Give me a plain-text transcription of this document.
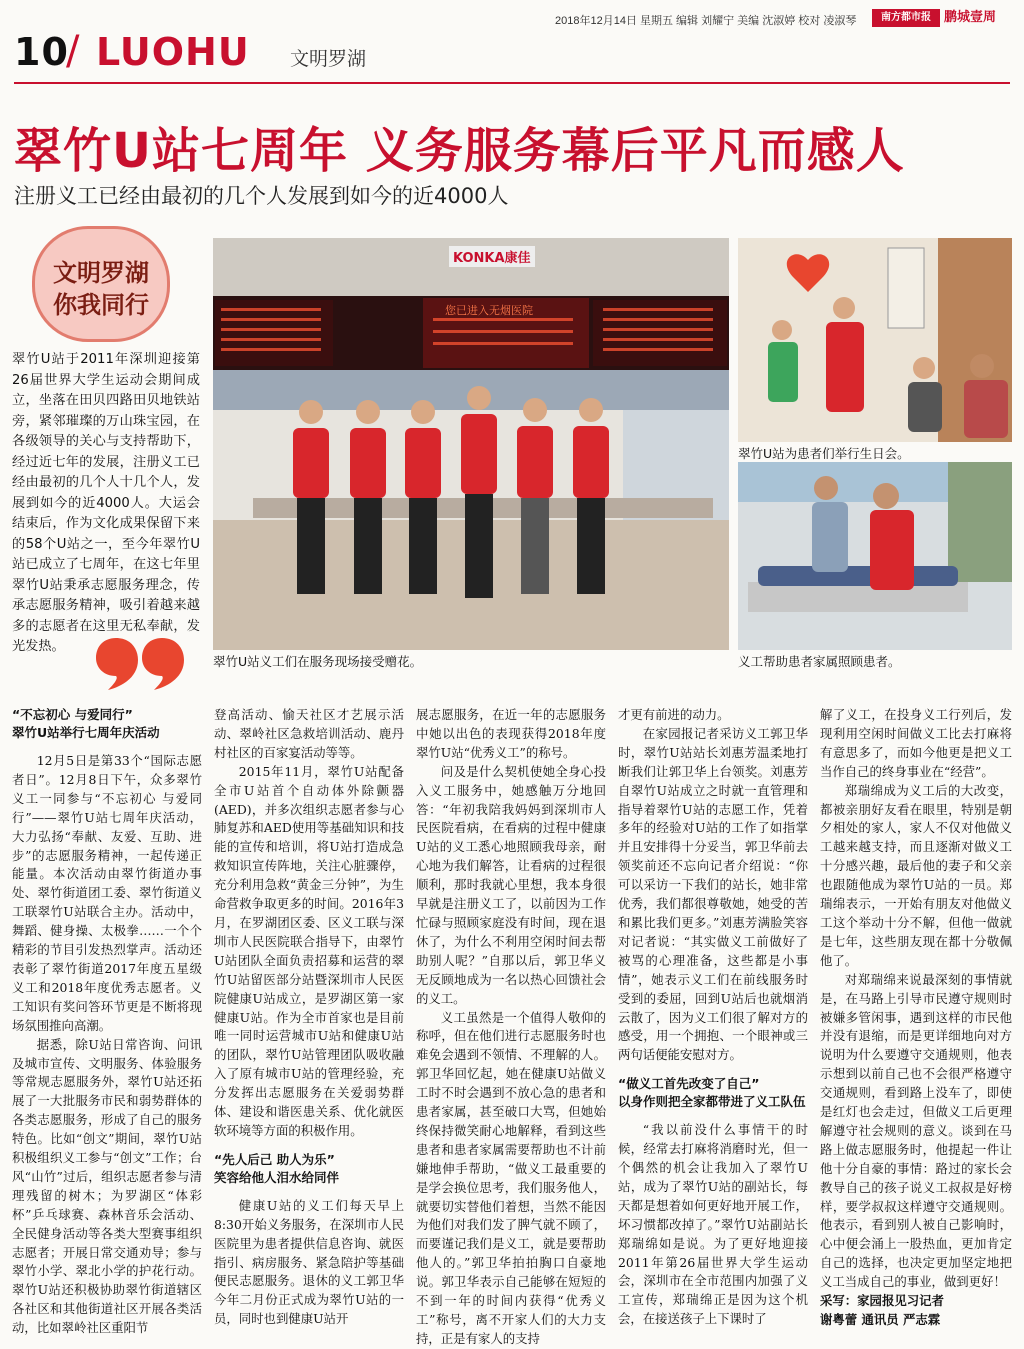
2018年12月14日 星期五 编辑 刘耀宁 美编 沈淑婷 校对 凌淑琴	南方都市报	鹏城壹周
10
/ LUOHU 文明罗湖
翠竹U站七周年 义务服务幕后平凡而感人
注册义工已经由最初的几个人发展到如今的近4000人
文明罗湖
你我同行
翠竹U站于2011年深圳迎接第26届世界大学生运动会期间成立，坐落在田贝四路田贝地铁站旁，紧邻璀璨的万山珠宝园，在各级领导的关心与支持帮助下，经过近七年的发展，注册义工已经由最初的几个人十几个人，发展到如今的近4000人。大运会结束后，作为文化成果保留下来的58个U站之一，至今年翠竹U站已成立了七周年，在这七年里翠竹U站秉承志愿服务理念，传承志愿服务精神，吸引着越来越多的志愿者在这里无私奉献，发光发热。
KONKA康佳
您已进入无烟医院
翠竹U站义工们在服务现场接受赠花。
翠竹U站为患者们举行生日会。
义工帮助患者家属照顾患者。
“不忘初心 与爱同行”
翠竹U站举行七周年庆活动

12月5日是第33个“国际志愿者日”。12月8日下午，众多翠竹义工一同参与“不忘初心 与爱同行”——翠竹U站七周年庆活动，大力弘扬“奉献、友爱、互助、进步”的志愿服务精神，一起传递正能量。本次活动由翠竹街道办事处、翠竹街道团工委、翠竹街道义工联翠竹U站联合主办。活动中，舞蹈、健身操、太极拳……一个个精彩的节目引发热烈掌声。活动还表彰了翠竹街道2017年度五星级义工和2018年度优秀志愿者。义工知识有奖问答环节更是不断将现场氛围推向高潮。

据悉，除U站日常咨询、问讯及城市宣传、文明服务、体验服务等常规志愿服务外，翠竹U站还拓展了一大批服务市民和弱势群体的各类志愿服务，形成了自己的服务特色。比如“创文”期间，翠竹U站积极组织义工参与“创文”工作；台风“山竹”过后，组织志愿者参与清理残留的树木；为罗湖区“体彩杯”乒乓球赛、森林音乐会活动、全民健身活动等各类大型赛事组织志愿者；开展日常交通劝导；参与翠竹小学、翠北小学的护花行动。翠竹U站还积极协助翠竹街道辖区各社区和其他街道社区开展各类活动，比如翠岭社区重阳节

登高活动、愉天社区才艺展示活动、翠岭社区急救培训活动、鹿丹村社区的百家宴活动等等。

2015年11月，翠竹U站配备全市U站首个自动体外除颤器(AED)，并多次组织志愿者参与心肺复苏和AED使用等基础知识和技能的宣传和培训，将U站打造成急救知识宣传阵地，关注心脏骤停，充分利用急救“黄金三分钟”，为生命营救争取更多的时间。2016年3月，在罗湖团区委、区义工联与深圳市人民医院联合指导下，由翠竹U站团队全面负责招募和运营的翠竹U站留医部分站暨深圳市人民医院健康U站成立，是罗湖区第一家健康U站。作为全市首家也是目前唯一同时运营城市U站和健康U站的团队，翠竹U站管理团队吸收融入了原有城市U站的管理经验，充分发挥出志愿服务在关爱弱势群体、建设和谐医患关系、优化就医软环境等方面的积极作用。

“先人后己 助人为乐”
笑容给他人泪水给同伴

健康U站的义工们每天早上8:30开始义务服务，在深圳市人民医院里为患者提供信息咨询、就医指引、病房服务、紧急陪护等基础便民志愿服务。退休的义工郭卫华今年二月份正式成为翠竹U站的一员，同时也到健康U站开

展志愿服务，在近一年的志愿服务中她以出色的表现获得2018年度翠竹U站“优秀义工”的称号。

问及是什么契机使她全身心投入义工服务中，她感触万分地回答：“年初我陪我妈妈到深圳市人民医院看病，在看病的过程中健康U站的义工悉心地照顾我母亲，耐心地为我们解答，让看病的过程很顺利，那时我就心里想，我本身很早就是注册义工了，以前因为工作忙碌与照顾家庭没有时间，现在退休了，为什么不利用空闲时间去帮助别人呢？”自那以后，郭卫华义无反顾地成为一名以热心回馈社会的义工。

义工虽然是一个值得人敬仰的称呼，但在他们进行志愿服务时也难免会遇到不领情、不理解的人。郭卫华回忆起，她在健康U站做义工时不时会遇到不放心急的患者和患者家属，甚至破口大骂，但她始终保持微笑耐心地解释，看到这些患者和患者家属需要帮助也不计前嫌地伸手帮助，“做义工最重要的是学会换位思考，我们服务他人，就要切实替他们着想，当然不能因为他们对我们发了脾气就不顾了，而要谨记我们是义工，就是要帮助他人的。”郭卫华拍拍胸口自豪地说。郭卫华表示自己能够在短短的不到一年的时间内获得“优秀义工”称号，离不开家人们的大力支持，正是有家人的支持

才更有前进的动力。

在家园报记者采访义工郭卫华时，翠竹U站站长刘惠芳温柔地打断我们让郭卫华上台领奖。刘惠芳自翠竹U站成立之时就一直管理和指导着翠竹U站的志愿工作，凭着多年的经验对U站的工作了如指掌并且安排得十分妥当，郭卫华前去领奖前还不忘向记者介绍说：“你可以采访一下我们的站长，她非常优秀，我们都很尊敬她，她受的苦和累比我们更多。”刘惠芳满脸笑容对记者说：“其实做义工前做好了被骂的心理准备，这些都是小事情”，她表示义工们在前线服务时受到的委屈，回到U站后也就烟消云散了，因为义工们很了解对方的感受，用一个拥抱、一个眼神或三两句话便能安慰对方。

“做义工首先改变了自己”
以身作则把全家都带进了义工队伍

“我以前没什么事情干的时候，经常去打麻将消磨时光，但一个偶然的机会让我加入了翠竹U站，成为了翠竹U站的副站长，每天都是想着如何更好地开展工作，坏习惯都改掉了。”翠竹U站副站长郑瑞绵如是说。为了更好地迎接2011年第26届世界大学生运动会，深圳市在全市范围内加强了义工宣传，郑瑞绵正是因为这个机会，在接送孩子上下课时了

解了义工，在投身义工行列后，发现利用空闲时间做义工比去打麻将有意思多了，而如今他更是把义工当作自己的终身事业在“经营”。

郑瑞绵成为义工后的大改变，都被亲朋好友看在眼里，特别是朝夕相处的家人，家人不仅对他做义工越来越支持，而且逐渐对做义工十分感兴趣，最后他的妻子和父亲也跟随他成为翠竹U站的一员。郑瑞绵表示，一开始有朋友对他做义工这个举动十分不解，但他一做就是七年，这些朋友现在都十分敬佩他了。

对郑瑞绵来说最深刻的事情就是，在马路上引导市民遵守规则时被嫌多管闲事，遇到这样的市民他并没有退缩，而是更详细地向对方说明为什么要遵守交通规则，他表示想到以前自己也不会很严格遵守交通规则，看到路上没车了，即使是红灯也会走过，但做义工后更理解遵守社会规则的意义。谈到在马路上做志愿服务时，他提起一件让他十分自豪的事情：路过的家长会教导自己的孩子说义工叔叔是好榜样，要学叔叔这样遵守交通规则。他表示，看到别人被自己影响时，心中便会涌上一股热血，更加肯定自己的选择，也决定更加坚定地把义工当成自己的事业，做到更好！

采写：家园报见习记者

谢粤蕾 通讯员 严志霖
